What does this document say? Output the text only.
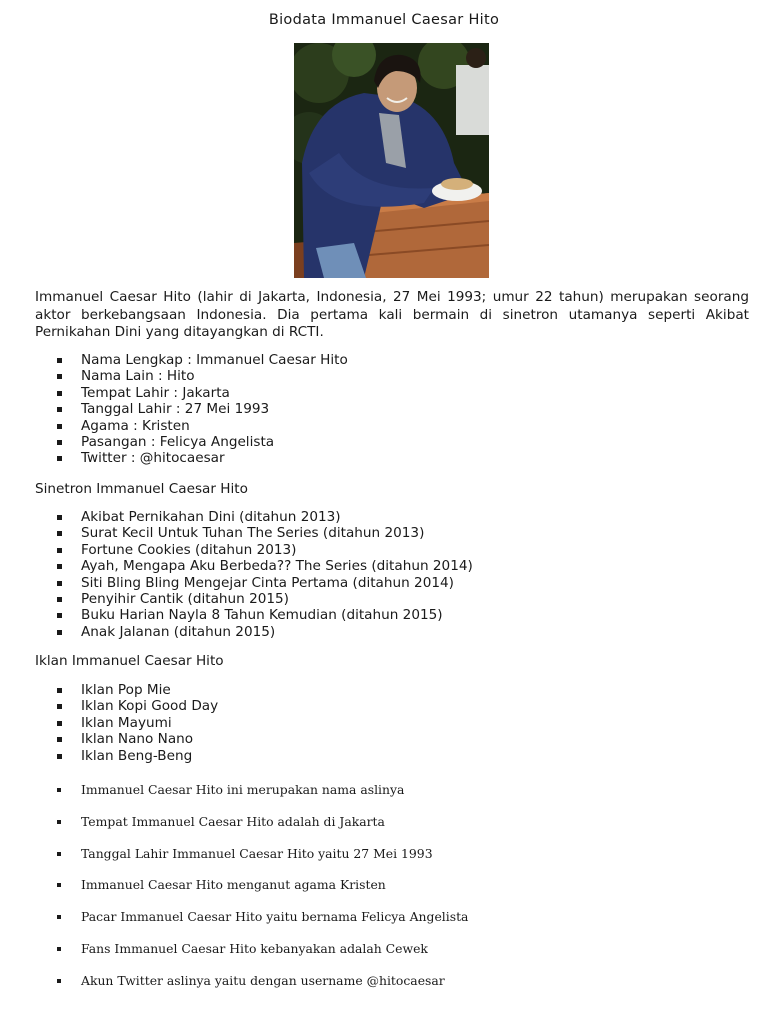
Biodata Immanuel Caesar Hito

Immanuel Caesar Hito (lahir di Jakarta, Indonesia, 27 Mei 1993; umur 22 tahun) merupakan seorang aktor berkebangsaan Indonesia. Dia pertama kali bermain di sinetron utamanya seperti Akibat Pernikahan Dini yang ditayangkan di RCTI.

Nama Lengkap : Immanuel Caesar Hito
Nama Lain : Hito
Tempat Lahir : Jakarta
Tanggal Lahir : 27 Mei 1993
Agama : Kristen
Pasangan : Felicya Angelista
Twitter : @hitocaesar

Sinetron Immanuel Caesar Hito

Akibat Pernikahan Dini (ditahun 2013)
Surat Kecil Untuk Tuhan The Series (ditahun 2013)
Fortune Cookies (ditahun 2013)
Ayah, Mengapa Aku Berbeda?? The Series (ditahun 2014)
Siti Bling Bling Mengejar Cinta Pertama (ditahun 2014)
Penyihir Cantik (ditahun 2015)
Buku Harian Nayla 8 Tahun Kemudian (ditahun 2015)
Anak Jalanan (ditahun 2015)

Iklan Immanuel Caesar Hito

Iklan Pop Mie
Iklan Kopi Good Day
Iklan Mayumi
Iklan Nano Nano
Iklan Beng-Beng
Immanuel Caesar Hito ini merupakan nama aslinya
Tempat Immanuel Caesar Hito adalah di Jakarta
Tanggal Lahir Immanuel Caesar Hito yaitu 27 Mei 1993
Immanuel Caesar Hito menganut agama Kristen
Pacar Immanuel Caesar Hito yaitu bernama Felicya Angelista
Fans Immanuel Caesar Hito kebanyakan adalah Cewek
Akun Twitter aslinya yaitu dengan username @hitocaesar
